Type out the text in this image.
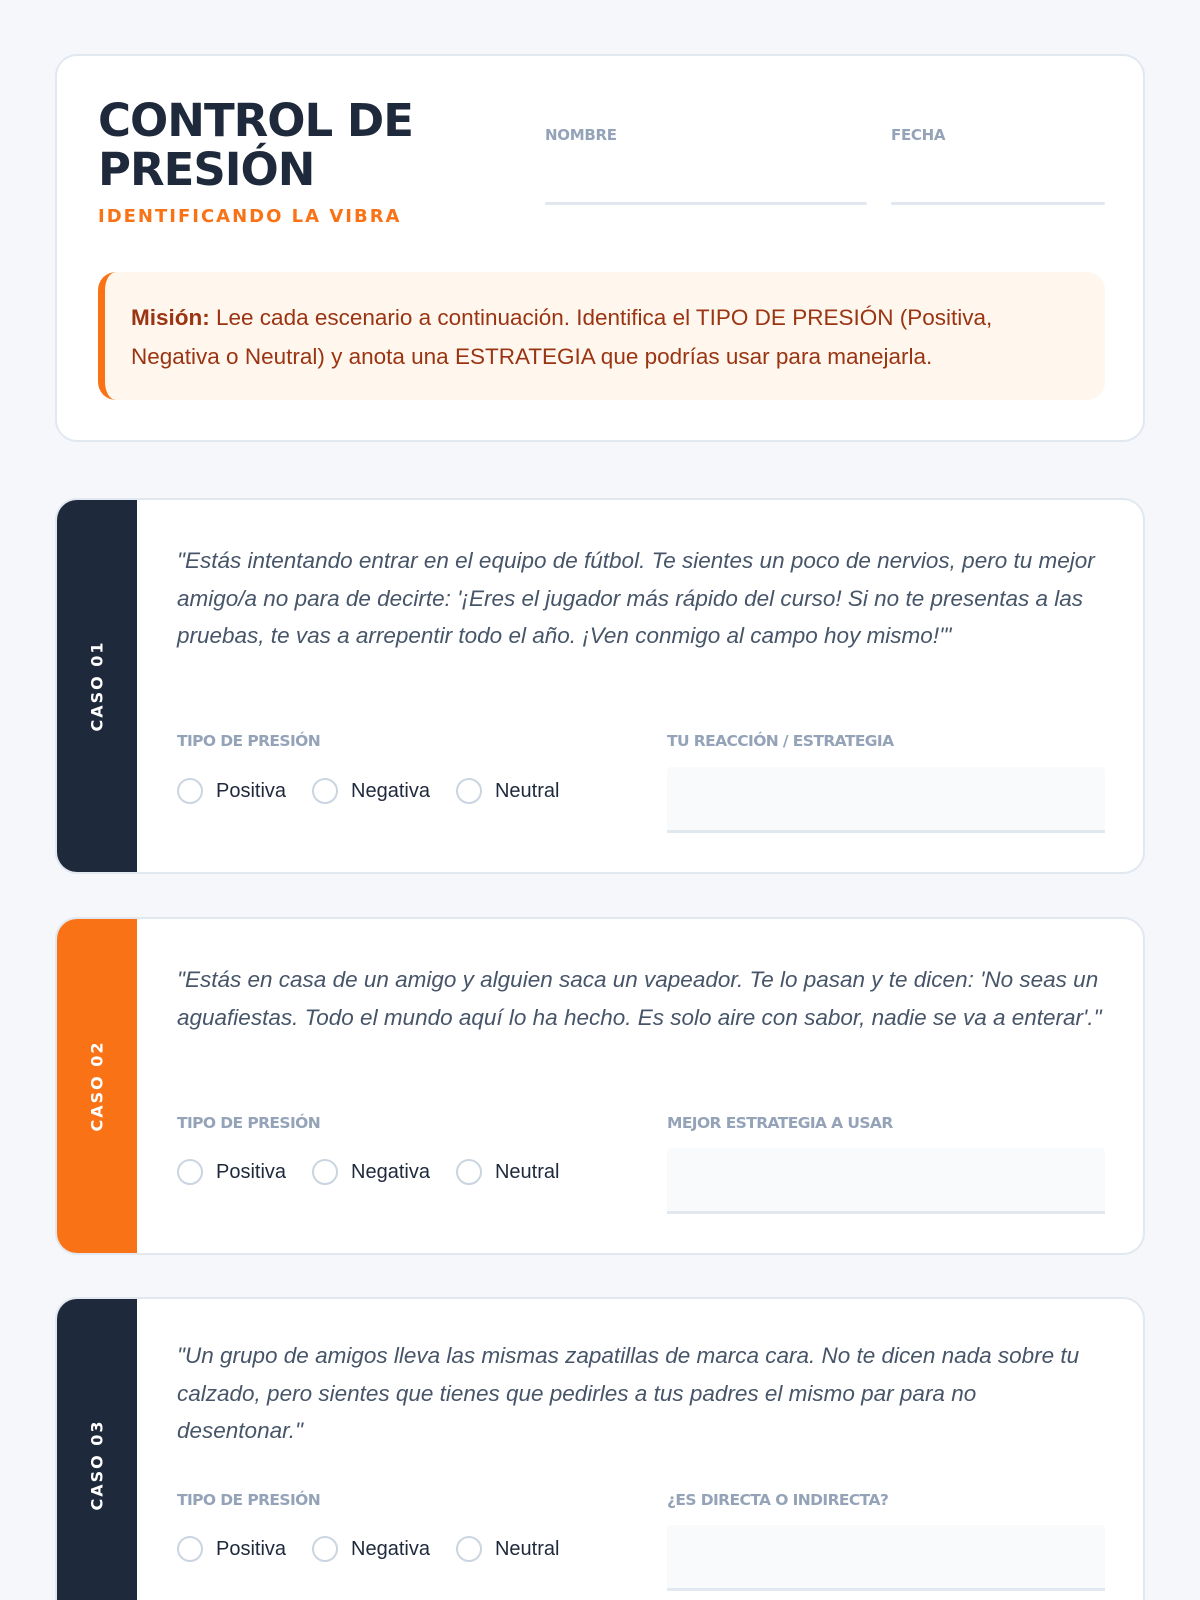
CONTROL DE PRESIÓN
IDENTIFICANDO LA VIBRA
NOMBRE	FECHA
Misión: Lee cada escenario a continuación. Identifica el TIPO DE PRESIÓN (Positiva, Negativa o Neutral) y anota una ESTRATEGIA que podrías usar para manejarla.
CASO 01
"Estás intentando entrar en el equipo de fútbol. Te sientes un poco de nervios, pero tu mejor amigo/a no para de decirte: '¡Eres el jugador más rápido del curso! Si no te presentas a las pruebas, te vas a arrepentir todo el año. ¡Ven conmigo al campo hoy mismo!'"
TIPO DE PRESIÓN
Positiva	Negativa	Neutral
TU REACCIÓN / ESTRATEGIA
CASO 02
"Estás en casa de un amigo y alguien saca un vapeador. Te lo pasan y te dicen: 'No seas un aguafiestas. Todo el mundo aquí lo ha hecho. Es solo aire con sabor, nadie se va a enterar'."
TIPO DE PRESIÓN
Positiva	Negativa	Neutral
MEJOR ESTRATEGIA A USAR
CASO 03
"Un grupo de amigos lleva las mismas zapatillas de marca cara. No te dicen nada sobre tu calzado, pero sientes que tienes que pedirles a tus padres el mismo par para no desentonar."
TIPO DE PRESIÓN
Positiva	Negativa	Neutral
¿ES DIRECTA O INDIRECTA?
